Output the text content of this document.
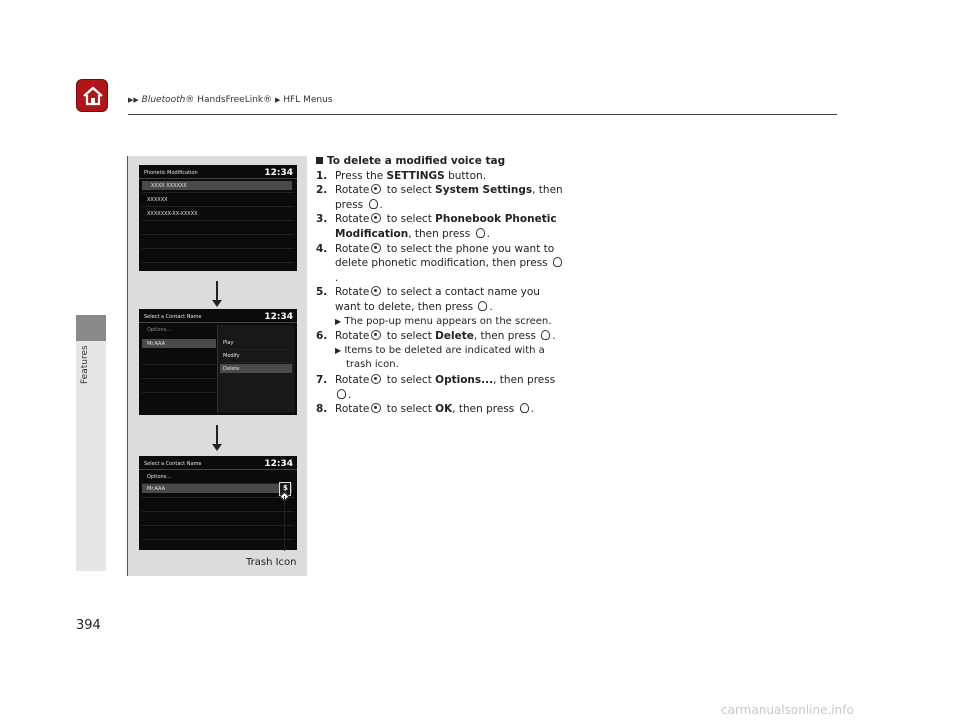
▶▶ Bluetooth® HandsFreeLink® ▶ HFL Menus
Features
394
Phonetic Modification	12:34
XXXX XXXXXX
XXXXXX
XXXXXXX-XX-XXXXX
Select a Contact Name	12:34
Options...
Mr.AAA	Play
Modify
Delete
Select a Contact Name	12:34
Options...
Mr.AAA	$
Trash Icon
To delete a modified voice tag
1. Press the SETTINGS button.
2. Rotate to select System Settings, then press .
3. Rotate to select Phonebook Phonetic Modification, then press .
4. Rotate to select the phone you want to delete phonetic modification, then press .
5. Rotate to select a contact name you want to delete, then press .
▶ The pop-up menu appears on the screen.
6. Rotate to select Delete, then press .
▶ Items to be deleted are indicated with a trash icon.
7. Rotate to select Options..., then press .
8. Rotate to select OK, then press .
carmanualsonline.info
